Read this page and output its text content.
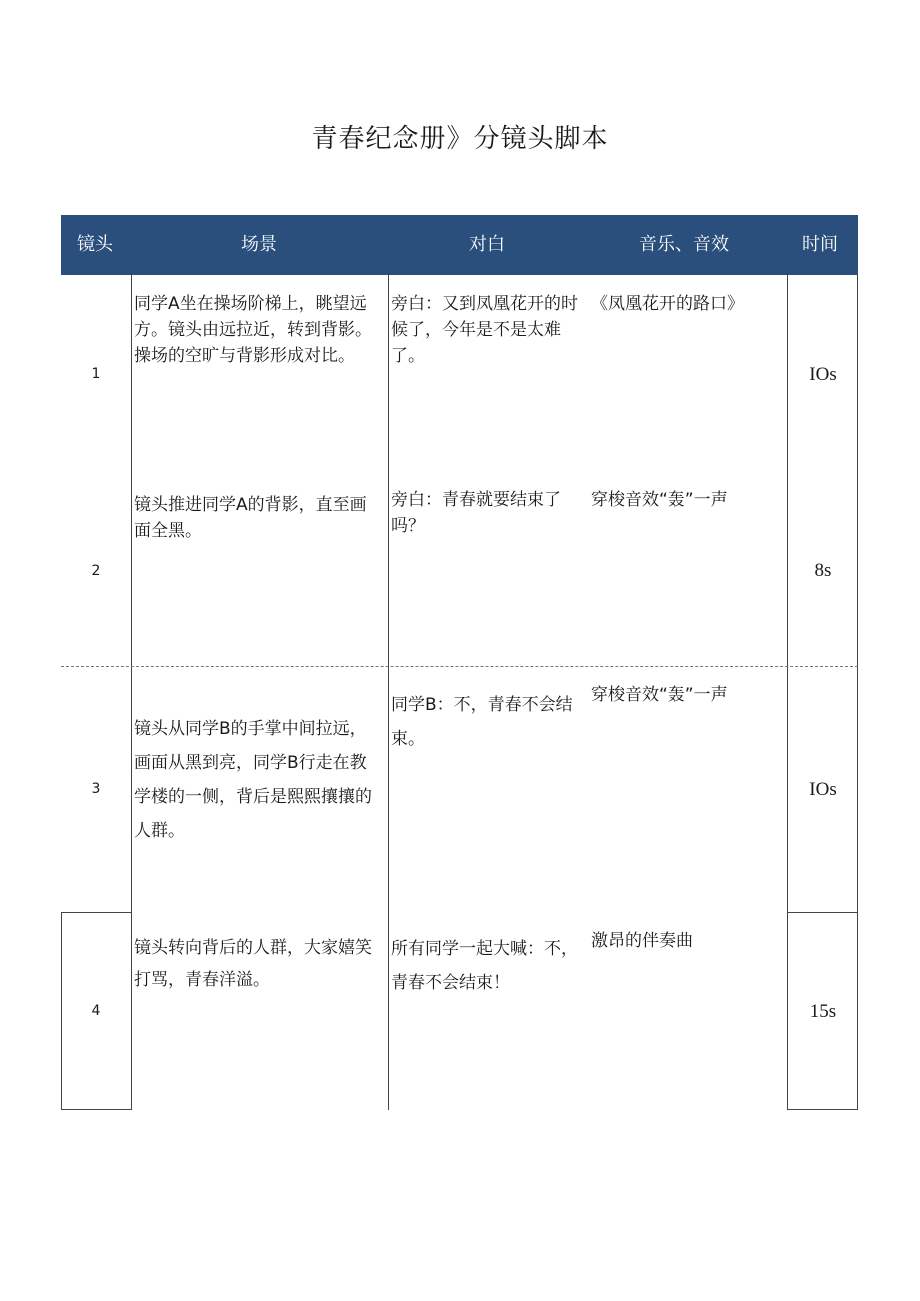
青春纪念册》分镜头脚本
镜头	场景	对白	音乐、音效	时间
1
同学A坐在操场阶梯上，眺望远方。镜头由远拉近，转到背影。操场的空旷与背影形成对比。
旁白：又到凤凰花开的时候了，今年是不是太难了。
《凤凰花开的路口》
IOs
2
镜头推进同学A的背影，直至画面全黑。
旁白：青春就要结束了吗？
穿梭音效“轰”一声
8s
3
镜头从同学B的手掌中间拉远，画面从黑到亮，同学B行走在教学楼的一侧，背后是熙熙攘攘的人群。
同学B：不，青春不会结束。
穿梭音效“轰”一声
IOs
4
镜头转向背后的人群，大家嬉笑打骂，青春洋溢。
所有同学一起大喊：不，青春不会结束！
激昂的伴奏曲
15s
